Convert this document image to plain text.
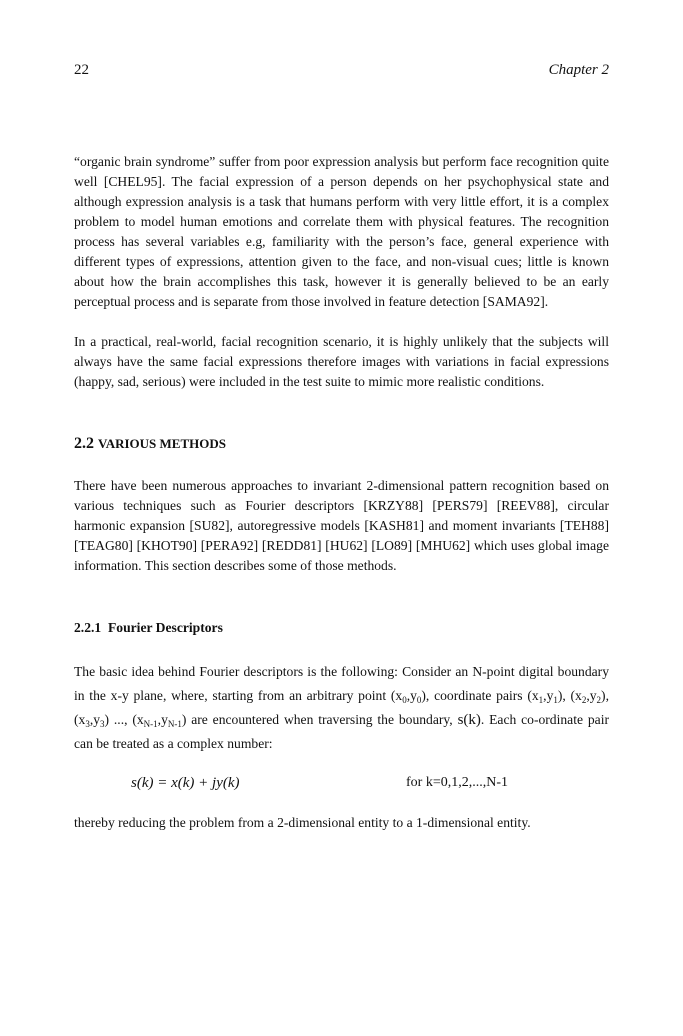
22	Chapter 2

“organic brain syndrome” suffer from poor expression analysis but perform face recognition quite well [CHEL95]. The facial expression of a person depends on her psychophysical state and although expression analysis is a task that humans perform with very little effort, it is a complex problem to model human emotions and correlate them with physical features. The recognition process has several variables e.g, familiarity with the person’s face, general experience with different types of expressions, attention given to the face, and non-visual cues; little is known about how the brain accomplishes this task, however it is generally believed to be an early perceptual process and is separate from those involved in feature detection [SAMA92].

In a practical, real-world, facial recognition scenario, it is highly unlikely that the subjects will always have the same facial expressions therefore images with variations in facial expressions (happy, sad, serious) were included in the test suite to mimic more realistic conditions.

2.2 VARIOUS METHODS

There have been numerous approaches to invariant 2-dimensional pattern recognition based on various techniques such as Fourier descriptors [KRZY88] [PERS79] [REEV88], circular harmonic expansion [SU82], autoregressive models [KASH81] and moment invariants [TEH88] [TEAG80] [KHOT90] [PERA92] [REDD81] [HU62] [LO89] [MHU62] which uses global image information. This section describes some of those methods.

2.2.1 Fourier Descriptors

The basic idea behind Fourier descriptors is the following: Consider an N-point digital boundary in the x-y plane, where, starting from an arbitrary point $(x_0,y_0)$, coordinate pairs $(x_1,y_1)$, $(x_2,y_2)$, $(x_3,y_3)$ ..., $(x_{N-1},y_{N-1})$ are encountered when traversing the boundary, s(k). Each co-ordinate pair can be treated as a complex number:

s(k) = x(k) + jy(k)	for k=0,1,2,...,N-1

thereby reducing the problem from a 2-dimensional entity to a 1-dimensional entity.
